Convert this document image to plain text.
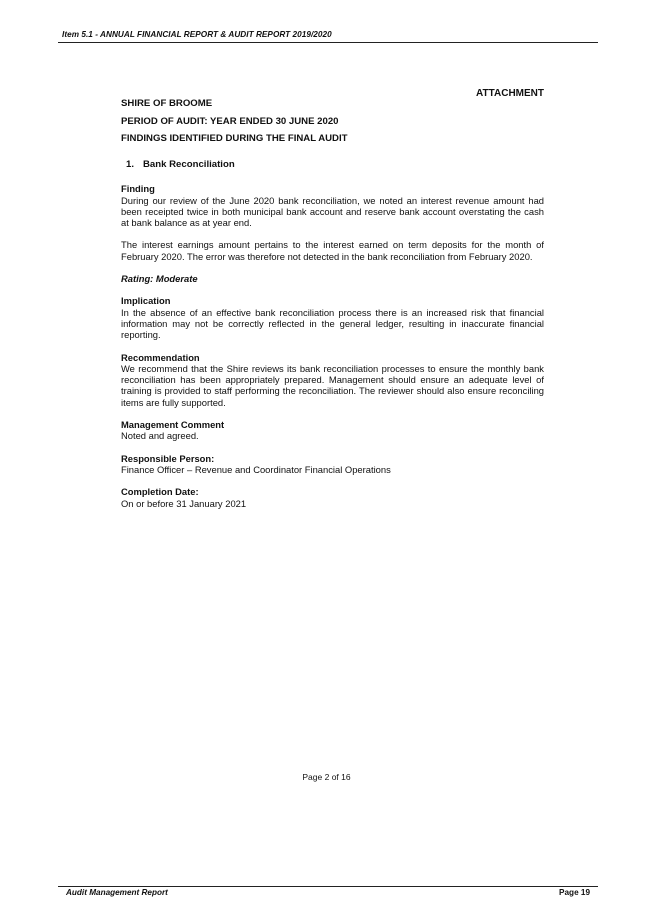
Item 5.1 - ANNUAL FINANCIAL REPORT & AUDIT REPORT 2019/2020
ATTACHMENT

SHIRE OF BROOME

PERIOD OF AUDIT: YEAR ENDED 30 JUNE 2020

FINDINGS IDENTIFIED DURING THE FINAL AUDIT

1. Bank Reconciliation

Finding

During our review of the June 2020 bank reconciliation, we noted an interest revenue amount had been receipted twice in both municipal bank account and reserve bank account overstating the cash at bank balance as at year end.

The interest earnings amount pertains to the interest earned on term deposits for the month of February 2020. The error was therefore not detected in the bank reconciliation from February 2020.

Rating: Moderate

Implication

In the absence of an effective bank reconciliation process there is an increased risk that financial information may not be correctly reflected in the general ledger, resulting in inaccurate financial reporting.

Recommendation

We recommend that the Shire reviews its bank reconciliation processes to ensure the monthly bank reconciliation has been appropriately prepared. Management should ensure an adequate level of training is provided to staff performing the reconciliation. The reviewer should also ensure reconciling items are fully supported.

Management Comment

Noted and agreed.

Responsible Person:

Finance Officer – Revenue and Coordinator Financial Operations

Completion Date:

On or before 31 January 2021

Page 2 of 16
Audit Management Report	Page 19
